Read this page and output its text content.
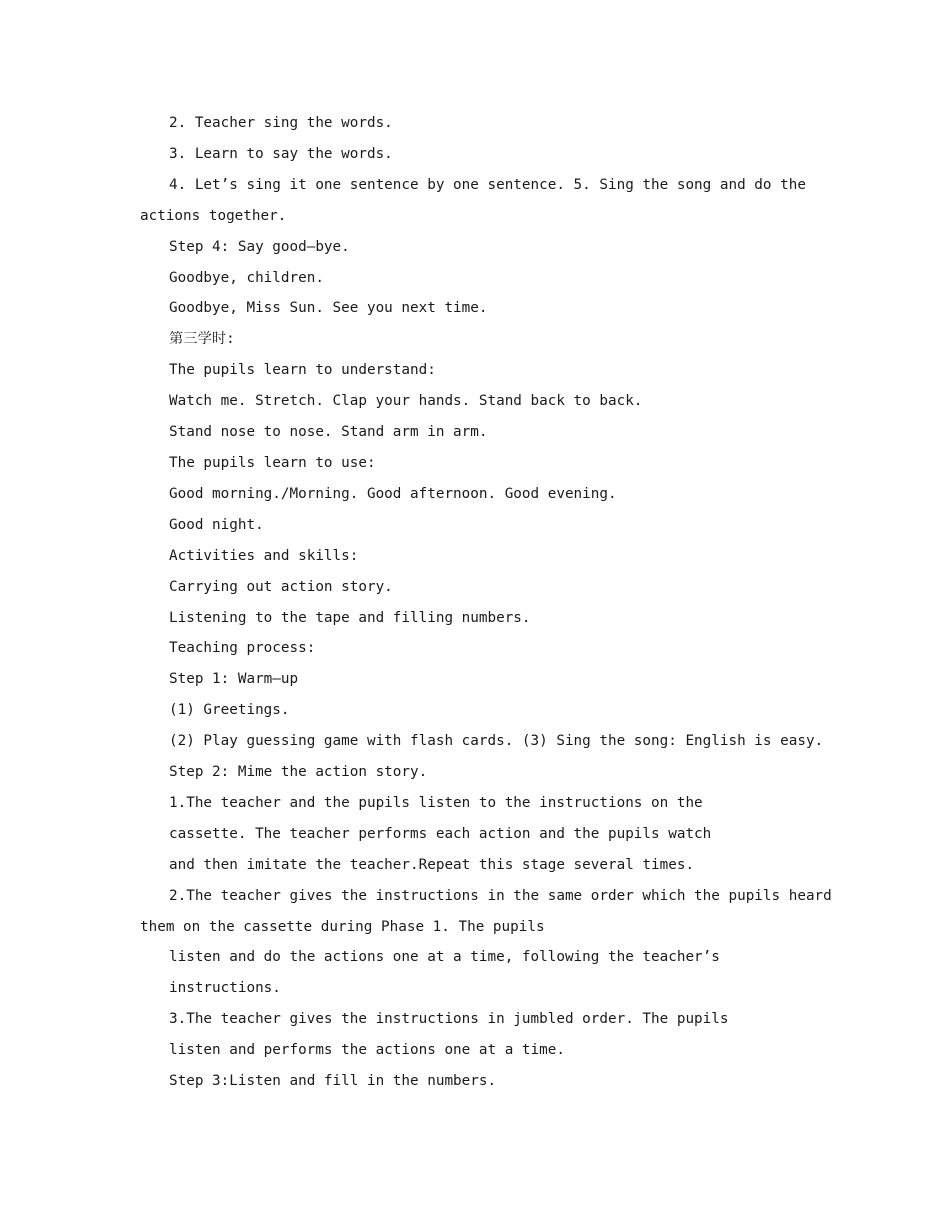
2. Teacher sing the words.

3. Learn to say the words.

4. Let’s sing it one sentence by one sentence. 5. Sing the song and do the

actions together.

Step 4: Say good—bye.

Goodbye, children.

Goodbye, Miss Sun. See you next time.

第三学时:

The pupils learn to understand:

Watch me. Stretch. Clap your hands. Stand back to back.

Stand nose to nose. Stand arm in arm.

The pupils learn to use:

Good morning./Morning. Good afternoon. Good evening.

Good night.

Activities and skills:

Carrying out action story.

Listening to the tape and filling numbers.

Teaching process:

Step 1: Warm—up

(1) Greetings.

(2) Play guessing game with flash cards. (3) Sing the song: English is easy.

Step 2: Mime the action story.

1.The teacher and the pupils listen to the instructions on the

cassette. The teacher performs each action and the pupils watch

and then imitate the teacher.Repeat this stage several times.

2.The teacher gives the instructions in the same order which the pupils heard

them on the cassette during Phase 1. The pupils

listen and do the actions one at a time, following the teacher’s

instructions.

3.The teacher gives the instructions in jumbled order. The pupils

listen and performs the actions one at a time.

Step 3:Listen and fill in the numbers.
